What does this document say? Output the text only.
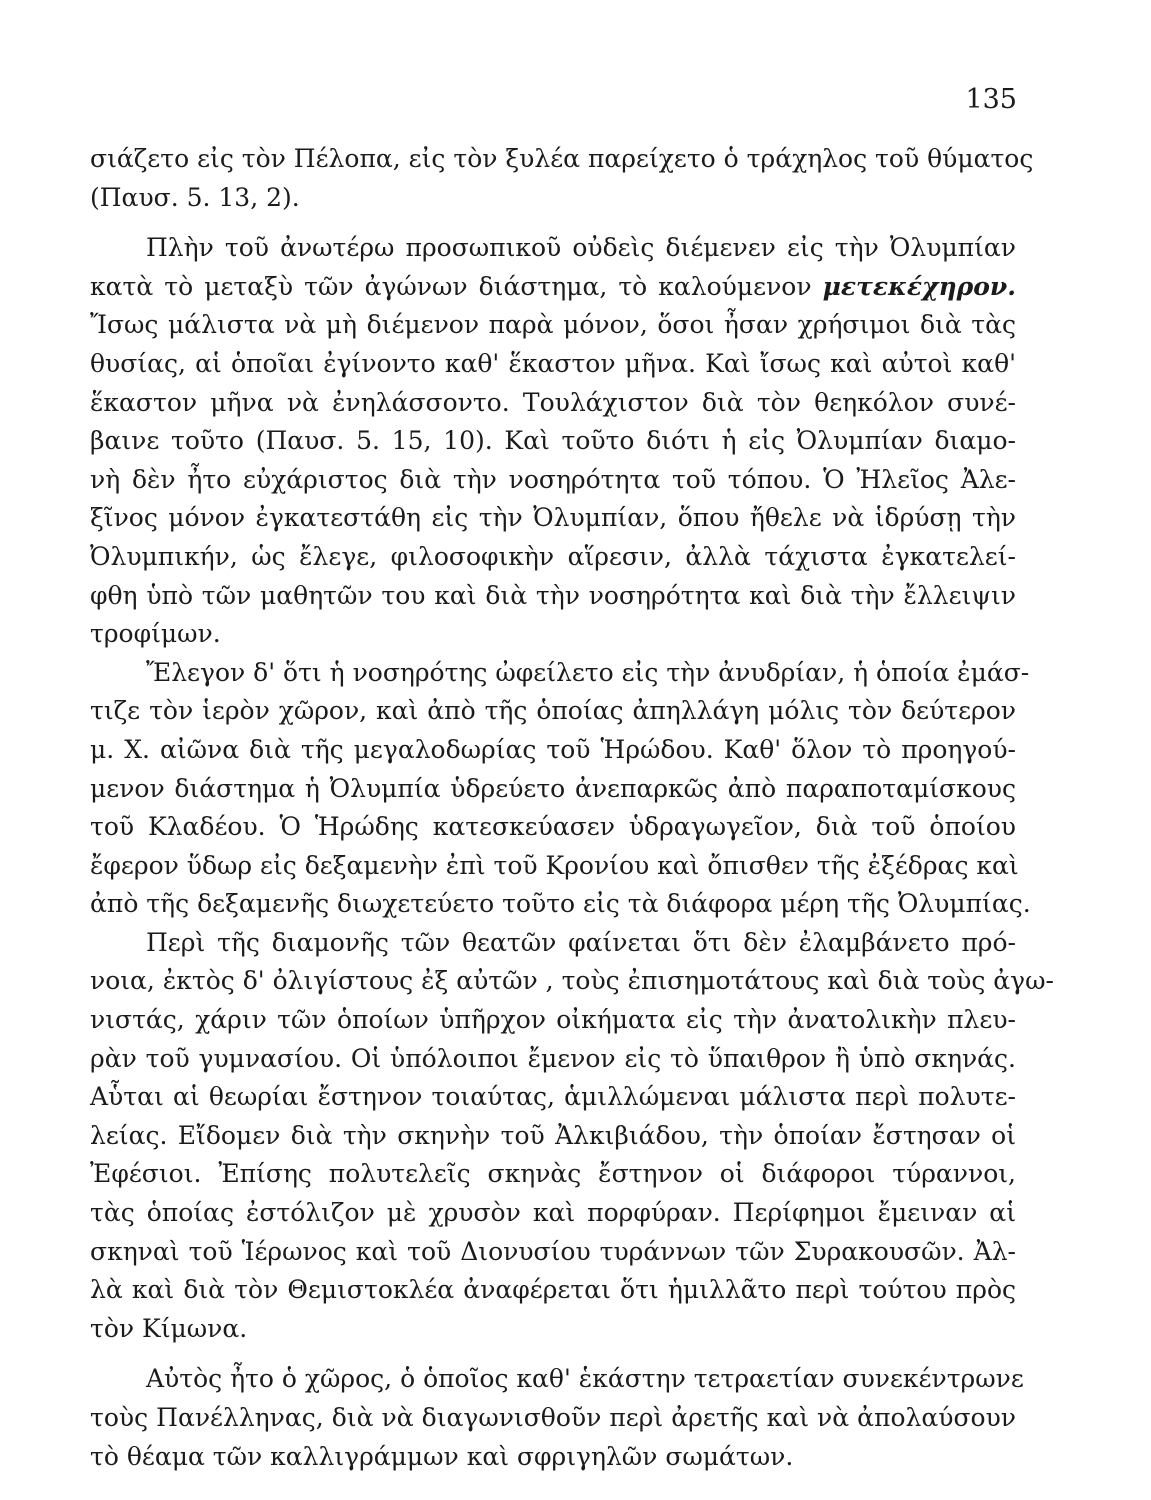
135
σιάζετο εἰς τὸν Πέλοπα, εἰς τὸν ξυλέα παρείχετο ὁ τράχηλος τοῦ θύματος
(Παυσ. 5. 13, 2).
Πλὴν τοῦ ἀνωτέρω προσωπικοῦ οὐδεὶς διέμενεν εἰς τὴν Ὀλυμπίαν
κατὰ τὸ μεταξὺ τῶν ἀγώνων διάστημα, τὸ καλούμενον μετεκέχηρον.
Ἴσως μάλιστα νὰ μὴ διέμενον παρὰ μόνον, ὅσοι ἦσαν χρήσιμοι διὰ τὰς
θυσίας, αἱ ὁποῖαι ἐγίνοντο καθ' ἕκαστον μῆνα. Καὶ ἴσως καὶ αὐτοὶ καθ'
ἕκαστον μῆνα νὰ ἐνηλάσσοντο. Τουλάχιστον διὰ τὸν θεηκόλον συνέ-
βαινε τοῦτο (Παυσ. 5. 15, 10). Καὶ τοῦτο διότι ἡ εἰς Ὀλυμπίαν διαμο-
νὴ δὲν ἦτο εὐχάριστος διὰ τὴν νοσηρότητα τοῦ τόπου. Ὁ Ἠλεῖος Ἀλε-
ξῖνος μόνον ἐγκατεστάθη εἰς τὴν Ὀλυμπίαν, ὅπου ἤθελε νὰ ἱδρύσῃ τὴν
Ὀλυμπικήν, ὡς ἔλεγε, φιλοσοφικὴν αἵρεσιν, ἀλλὰ τάχιστα ἐγκατελεί-
φθη ὑπὸ τῶν μαθητῶν του καὶ διὰ τὴν νοσηρότητα καὶ διὰ τὴν ἔλλειψιν
τροφίμων.
Ἔλεγον δ' ὅτι ἡ νοσηρότης ὠφείλετο εἰς τὴν ἀνυδρίαν, ἡ ὁποία ἐμάσ-
τιζε τὸν ἱερὸν χῶρον, καὶ ἀπὸ τῆς ὁποίας ἀπηλλάγη μόλις τὸν δεύτερον
μ. Χ. αἰῶνα διὰ τῆς μεγαλοδωρίας τοῦ Ἡρώδου. Καθ' ὅλον τὸ προηγού-
μενον διάστημα ἡ Ὀλυμπία ὑδρεύετο ἀνεπαρκῶς ἀπὸ παραποταμίσκους
τοῦ Κλαδέου. Ὁ Ἡρώδης κατεσκεύασεν ὑδραγωγεῖον, διὰ τοῦ ὁποίου
ἔφερον ὕδωρ εἰς δεξαμενὴν ἐπὶ τοῦ Κρονίου καὶ ὄπισθεν τῆς ἐξέδρας καὶ
ἀπὸ τῆς δεξαμενῆς διωχετεύετο τοῦτο εἰς τὰ διάφορα μέρη τῆς Ὀλυμπίας.
Περὶ τῆς διαμονῆς τῶν θεατῶν φαίνεται ὅτι δὲν ἐλαμβάνετο πρό-
νοια, ἐκτὸς δ' ὀλιγίστους ἐξ αὐτῶν , τοὺς ἐπισημοτάτους καὶ διὰ τοὺς ἀγω-
νιστάς, χάριν τῶν ὁποίων ὑπῆρχον οἰκήματα εἰς τὴν ἀνατολικὴν πλευ-
ρὰν τοῦ γυμνασίου. Οἱ ὑπόλοιποι ἔμενον εἰς τὸ ὕπαιθρον ἢ ὑπὸ σκηνάς.
Αὗται αἱ θεωρίαι ἔστηνον τοιαύτας, ἁμιλλώμεναι μάλιστα περὶ πολυτε-
λείας. Εἴδομεν διὰ τὴν σκηνὴν τοῦ Ἀλκιβιάδου, τὴν ὁποίαν ἔστησαν οἱ
Ἐφέσιοι. Ἐπίσης πολυτελεῖς σκηνὰς ἔστηνον οἱ διάφοροι τύραννοι,
τὰς ὁποίας ἐστόλιζον μὲ χρυσὸν καὶ πορφύραν. Περίφημοι ἔμειναν αἱ
σκηναὶ τοῦ Ἱέρωνος καὶ τοῦ Διονυσίου τυράννων τῶν Συρακουσῶν. Ἀλ-
λὰ καὶ διὰ τὸν Θεμιστοκλέα ἀναφέρεται ὅτι ἡμιλλᾶτο περὶ τούτου πρὸς
τὸν Κίμωνα.
Αὐτὸς ἦτο ὁ χῶρος, ὁ ὁποῖος καθ' ἑκάστην τετραετίαν συνεκέντρωνε
τοὺς Πανέλληνας, διὰ νὰ διαγωνισθοῦν περὶ ἀρετῆς καὶ νὰ ἀπολαύσουν
τὸ θέαμα τῶν καλλιγράμμων καὶ σφριγηλῶν σωμάτων.
